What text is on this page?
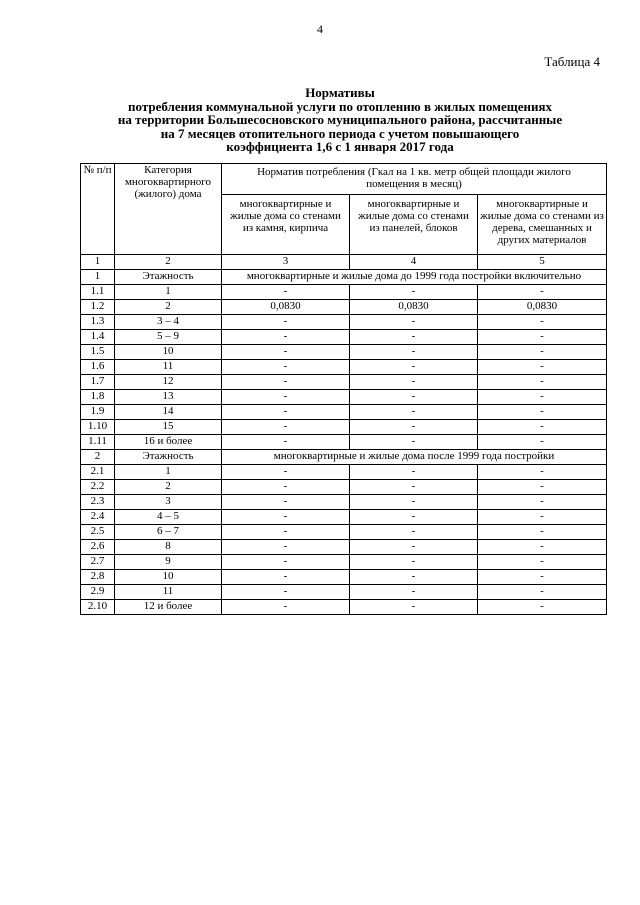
4
Таблица 4
Нормативы
потребления коммунальной услуги по отоплению в жилых помещениях
на территории Большесосновского муниципального района, рассчитанные
на 7 месяцев отопительного периода с учетом повышающего
коэффициента 1,6 с 1 января 2017 года
№ п/п	Категория многоквартирного (жилого) дома	Норматив потребления (Гкал на 1 кв. метр общей площади жилого помещения в месяц)		
		многоквартирные и жилые дома со стенами из камня, кирпича	многоквартирные и жилые дома со стенами из панелей, блоков	многоквартирные и жилые дома со стенами из дерева, смешанных и других материалов
1	2	3	4	5
1	Этажность	многоквартирные и жилые дома до 1999 года постройки включительно		
1.1	1	-	-	-
1.2	2	0,0830	0,0830	0,0830
1.3	3 – 4	-	-	-
1.4	5 – 9	-	-	-
1.5	10	-	-	-
1.6	11	-	-	-
1.7	12	-	-	-
1.8	13	-	-	-
1.9	14	-	-	-
1.10	15	-	-	-
1.11	16 и более	-	-	-
2	Этажность	многоквартирные и жилые дома после 1999 года постройки		
2.1	1	-	-	-
2.2	2	-	-	-
2.3	3	-	-	-
2.4	4 – 5	-	-	-
2.5	6 – 7	-	-	-
2.6	8	-	-	-
2.7	9	-	-	-
2.8	10	-	-	-
2.9	11	-	-	-
2.10	12 и более	-	-	-
